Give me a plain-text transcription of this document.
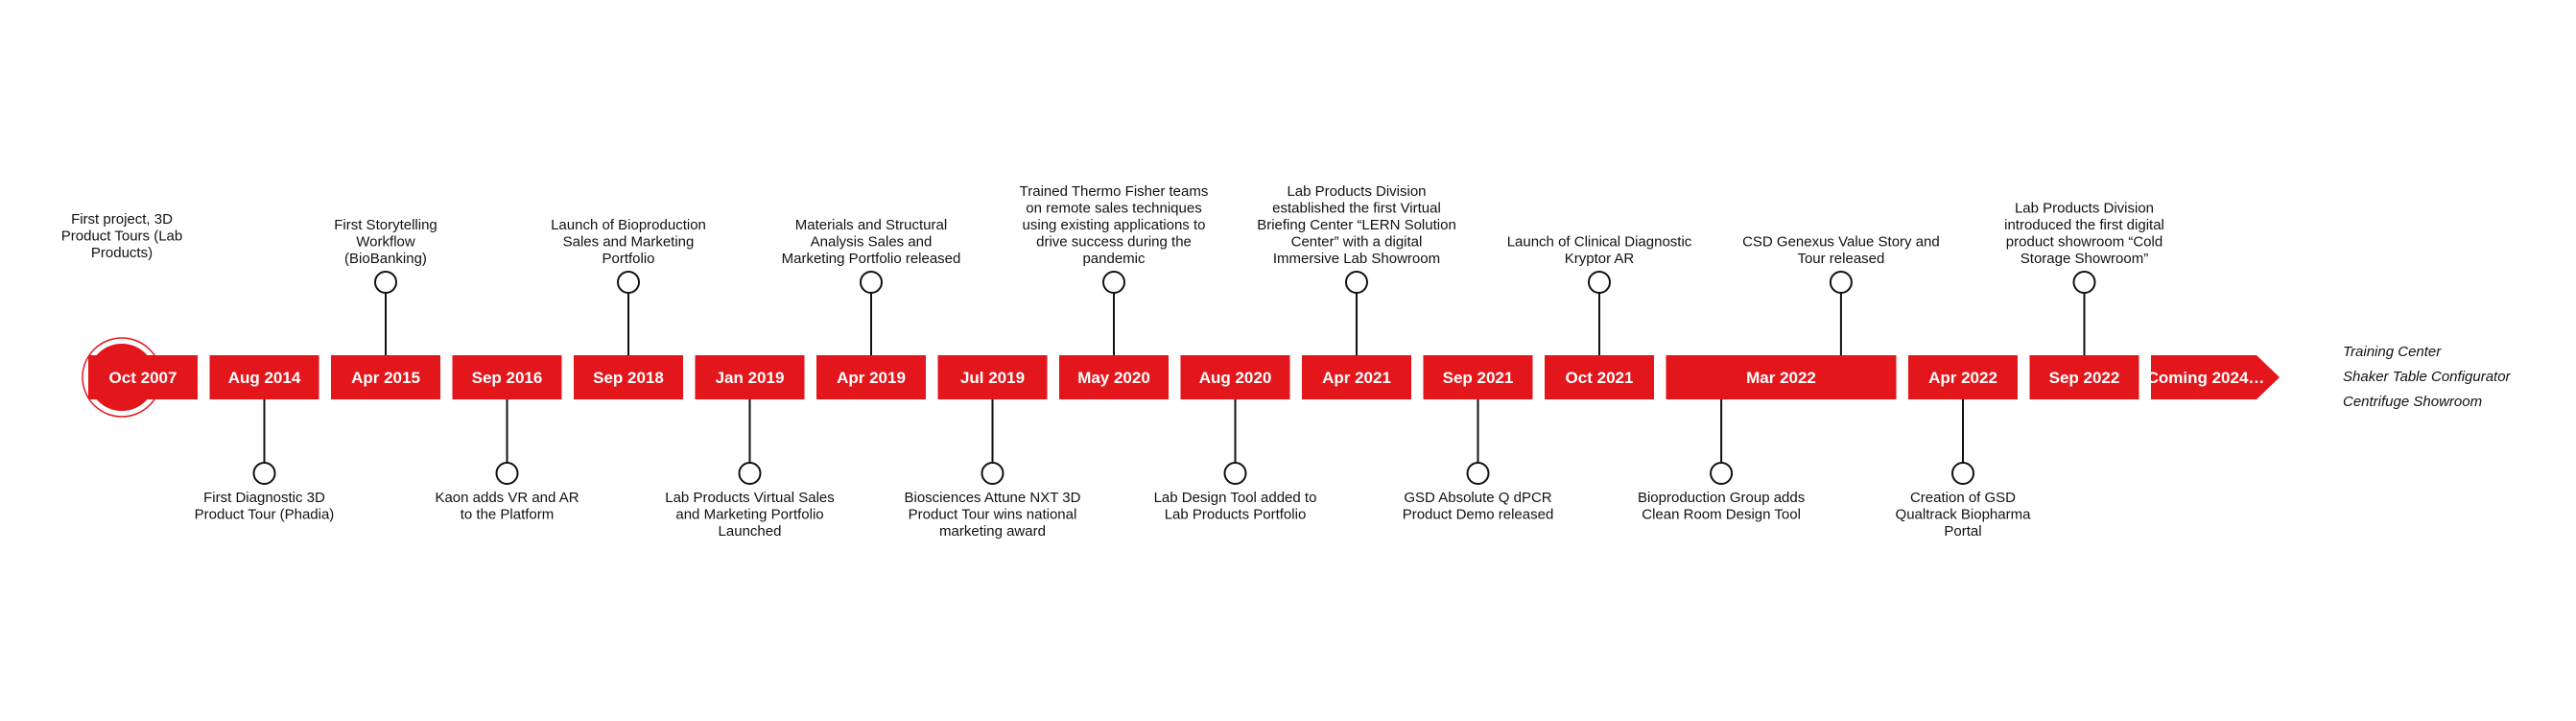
Oct 2007	Aug 2014	Apr 2015	Sep 2016	Sep 2018	Jan 2019	Apr 2019	Jul 2019	May 2020	Aug 2020	Apr 2021	Sep 2021	Oct 2021	Mar 2022	Apr 2022	Sep 2022 Coming 2024…
First project, 3D
Product Tours (Lab
Products)
First Diagnostic 3D
Product Tour (Phadia)
First Storytelling
Workflow
(BioBanking)
Kaon adds VR and AR
to the Platform
Launch of Bioproduction
Sales and Marketing
Portfolio
Lab Products Virtual Sales
and Marketing Portfolio
Launched
Materials and Structural
Analysis Sales and
Marketing Portfolio released
Biosciences Attune NXT 3D
Product Tour wins national
marketing award
Trained Thermo Fisher teams
on remote sales techniques
using existing applications to
drive success during the
pandemic
Lab Design Tool added to
Lab Products Portfolio
Lab Products Division
established the first Virtual
Briefing Center “LERN Solution
Center” with a digital
Immersive Lab Showroom
GSD Absolute Q dPCR
Product Demo released
Launch of Clinical Diagnostic
Kryptor AR
CSD Genexus Value Story and
Tour released
Bioproduction Group adds
Clean Room Design Tool
Creation of GSD
Qualtrack Biopharma
Portal
Lab Products Division
introduced the first digital
product showroom “Cold
Storage Showroom”
Training Center
Shaker Table Configurator
Centrifuge Showroom
